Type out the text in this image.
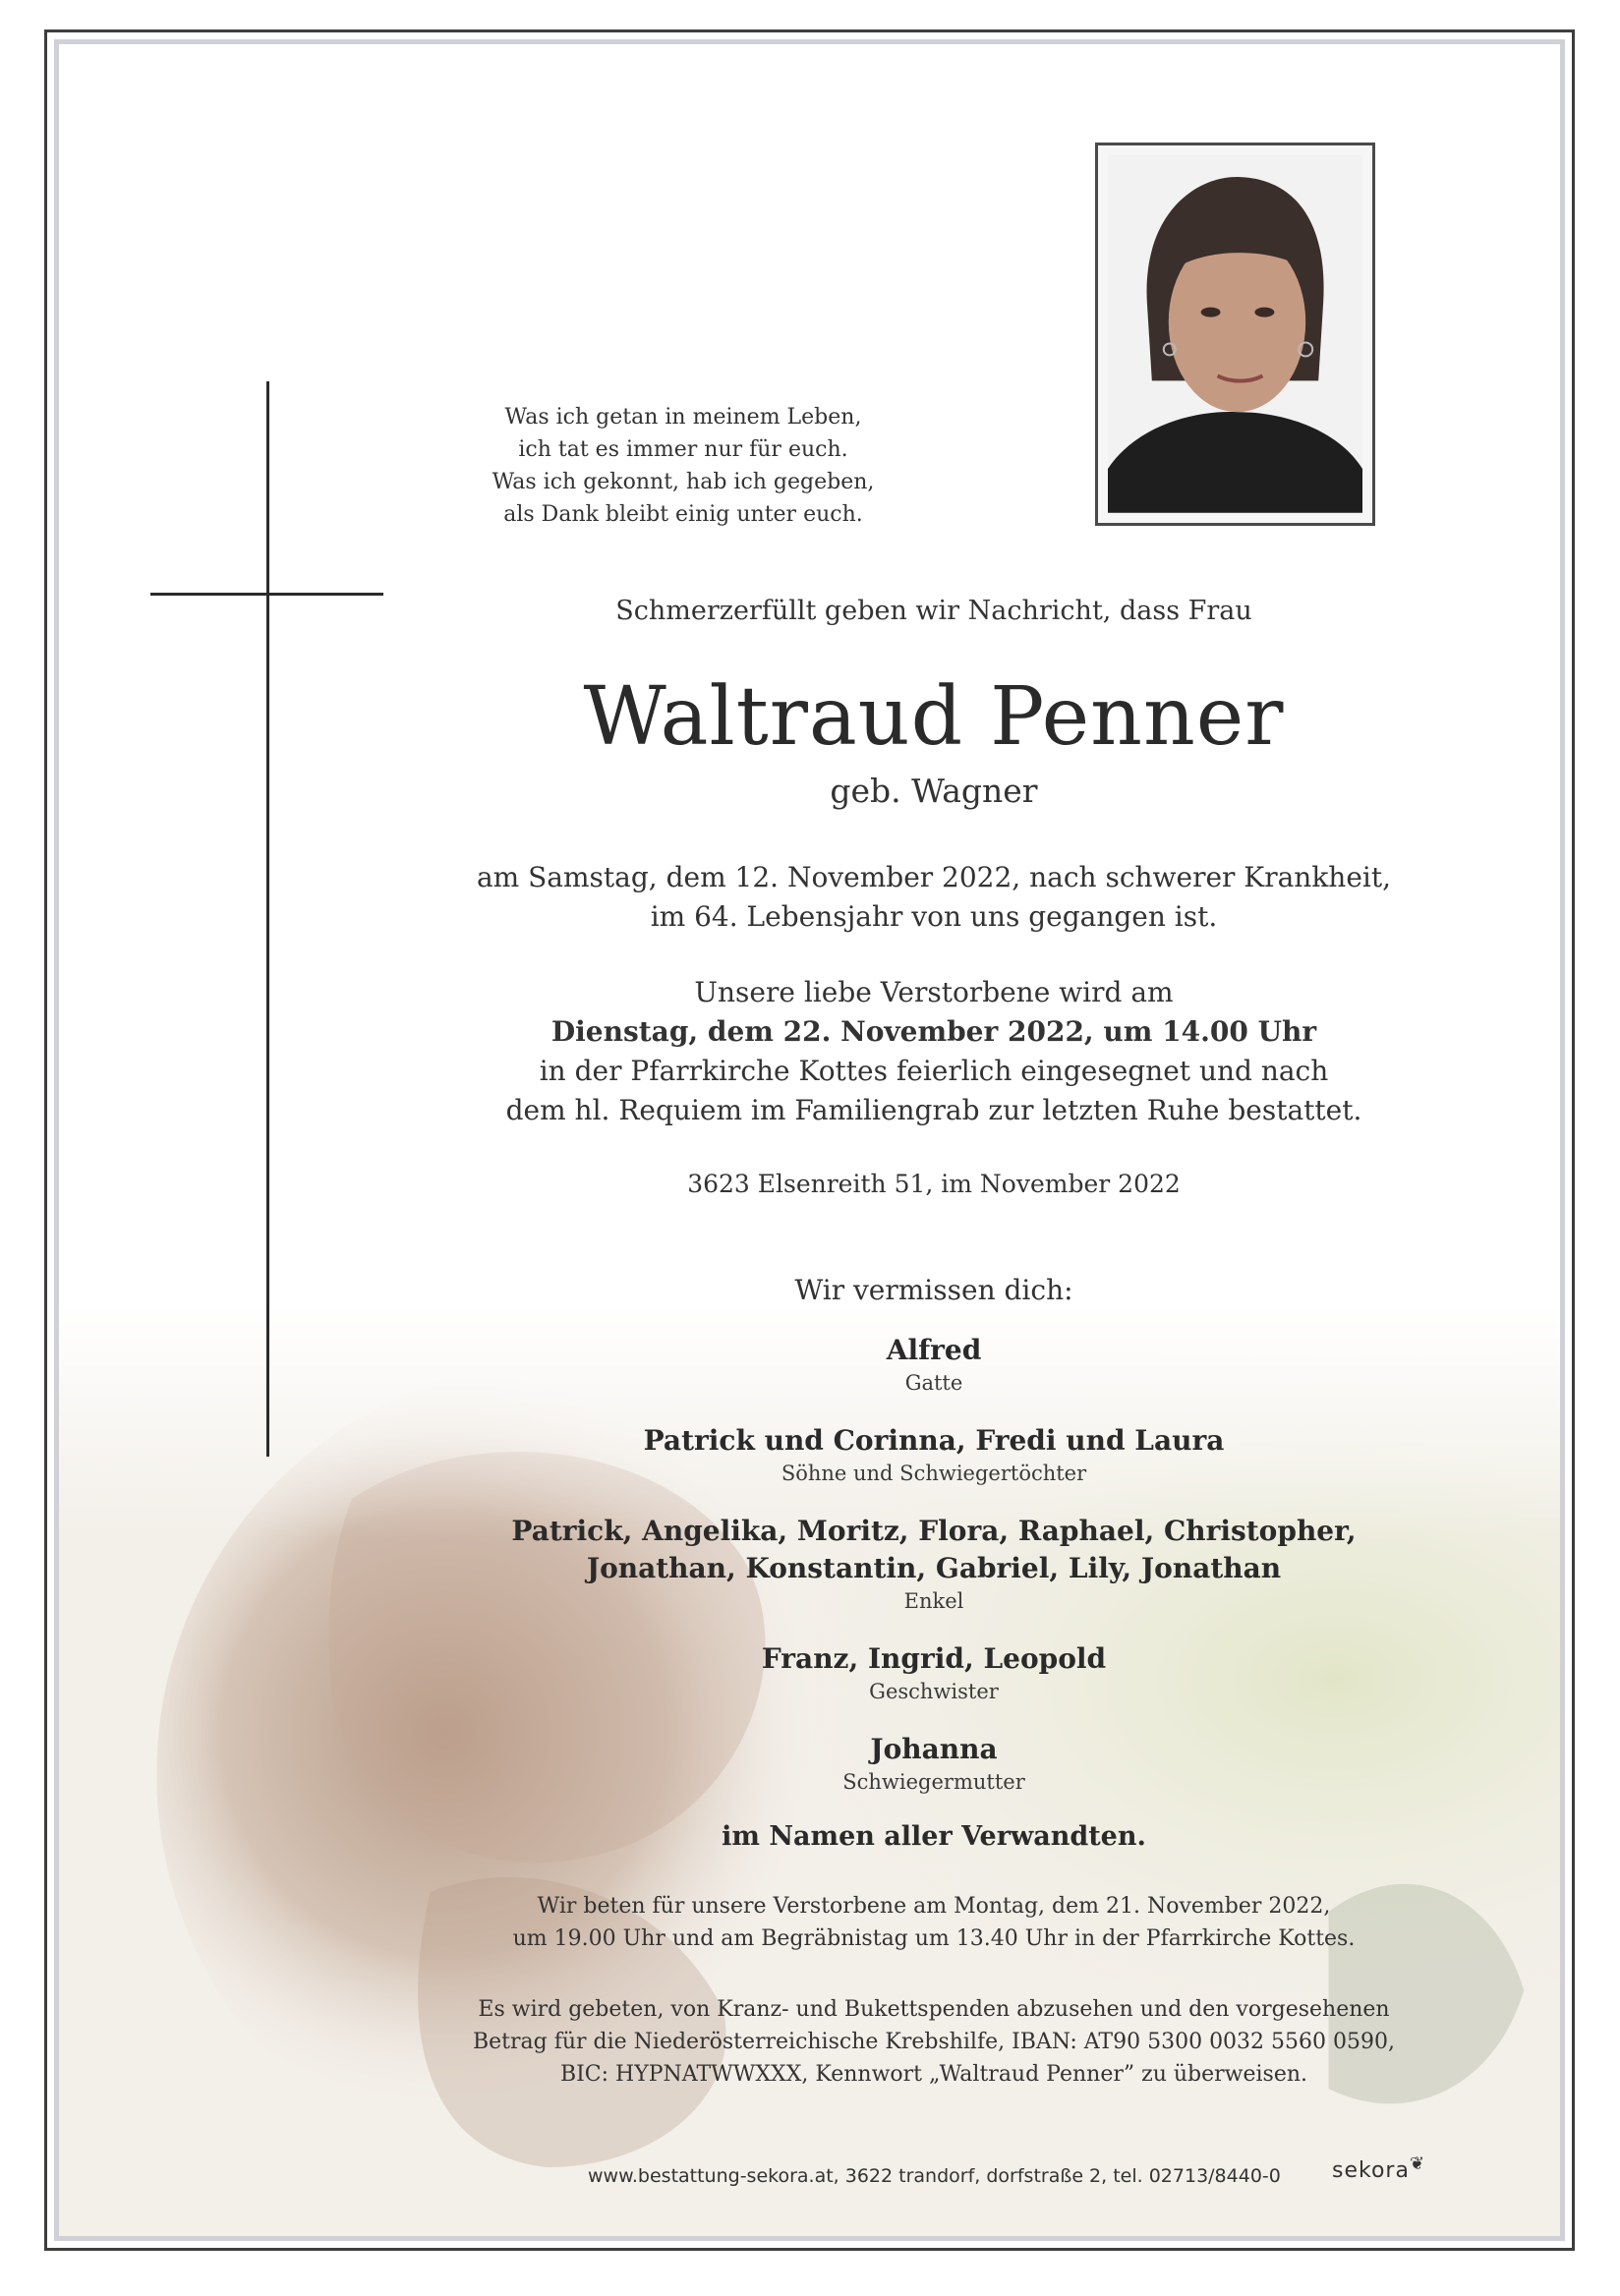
Was ich getan in meinem Leben,
ich tat es immer nur für euch.
Was ich gekonnt, hab ich gegeben,
als Dank bleibt einig unter euch.
Schmerzerfüllt geben wir Nachricht, dass Frau
Waltraud Penner
geb. Wagner
am Samstag, dem 12. November 2022, nach schwerer Krankheit,
im 64. Lebensjahr von uns gegangen ist.
Unsere liebe Verstorbene wird am
Dienstag, dem 22. November 2022, um 14.00 Uhr
in der Pfarrkirche Kottes feierlich eingesegnet und nach
dem hl. Requiem im Familiengrab zur letzten Ruhe bestattet.
3623 Elsenreith 51, im November 2022
Wir vermissen dich:
Alfred
Gatte
Patrick und Corinna, Fredi und Laura
Söhne und Schwiegertöchter
Patrick, Angelika, Moritz, Flora, Raphael, Christopher,
Jonathan, Konstantin, Gabriel, Lily, Jonathan
Enkel
Franz, Ingrid, Leopold
Geschwister
Johanna
Schwiegermutter
im Namen aller Verwandten.
Wir beten für unsere Verstorbene am Montag, dem 21. November 2022,
um 19.00 Uhr und am Begräbnistag um 13.40 Uhr in der Pfarrkirche Kottes.
Es wird gebeten, von Kranz- und Bukettspenden abzusehen und den vorgesehenen
Betrag für die Niederösterreichische Krebshilfe, IBAN: AT90 5300 0032 5560 0590,
BIC: HYPNATWWXXX, Kennwort „Waltraud Penner” zu überweisen.
www.bestattung-sekora.at, 3622 trandorf, dorfstraße 2, tel. 02713/8440-0 sekora❦
